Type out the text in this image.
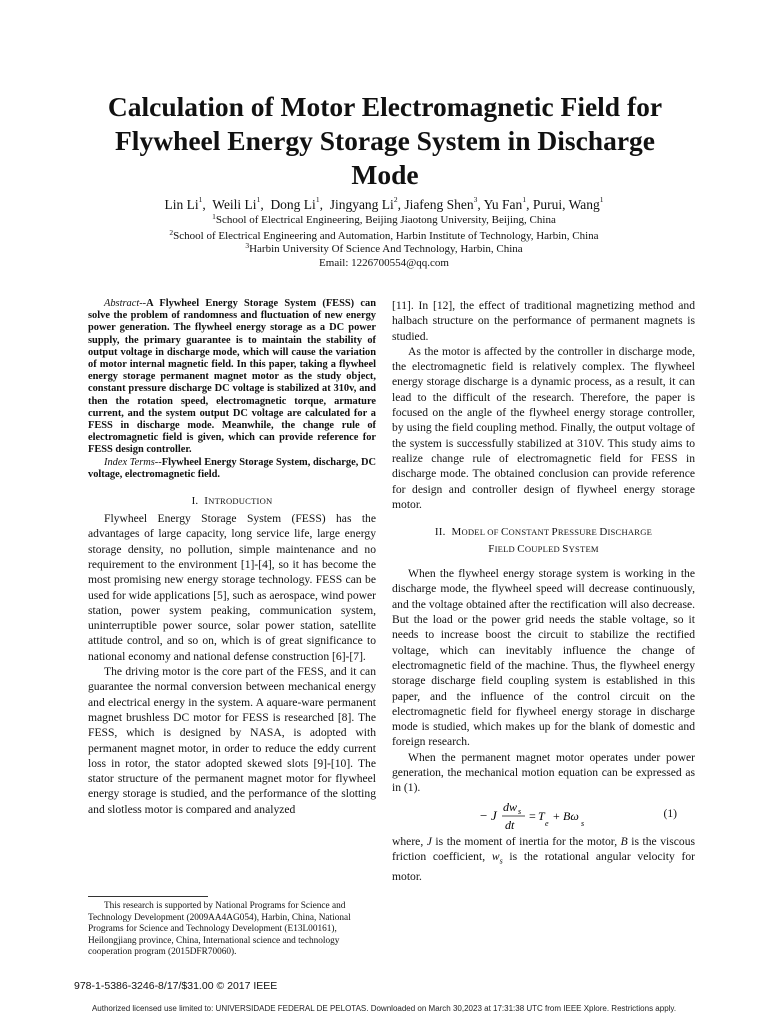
Calculation of Motor Electromagnetic Field for Flywheel Energy Storage System in Discharge Mode
Lin Li$^1$,  Weili Li$^1$,  Dong Li$^1$,  Jingyang Li$^2$, Jiafeng Shen$^3$, Yu Fan$^1$, Purui, Wang$^1$
$^1$School of Electrical Engineering, Beijing Jiaotong University, Beijing, China
$^2$School of Electrical Engineering and Automation, Harbin Institute of Technology, Harbin, China
$^3$Harbin University Of Science And Technology, Harbin, China
Email: 1226700554@qq.com
Abstract--A Flywheel Energy Storage System (FESS) can solve the problem of randomness and fluctuation of new energy power generation. The flywheel energy storage as a DC power supply, the primary guarantee is to maintain the stability of output voltage in discharge mode, which will cause the variation of motor internal magnetic field. In this paper, taking a flywheel energy storage permanent magnet motor as the study object, constant pressure discharge DC voltage is stabilized at 310v, and then the rotation speed, electromagnetic torque, armature current, and the system output DC voltage are calculated for a FESS in discharge mode. Meanwhile, the change rule of electromagnetic field is given, which can provide reference for FESS design controller.
Index Terms--Flywheel Energy Storage System, discharge, DC voltage, electromagnetic field.
I. INTRODUCTION

Flywheel Energy Storage System (FESS) has the advantages of large capacity, long service life, large energy storage density, no pollution, simple maintenance and no requirement to the environment [1]-[4], so it has become the most promising new energy storage technology. FESS can be used for wide applications [5], such as aerospace, wind power station, power system peaking, communication system, uninterruptible power source, solar power station, satellite attitude control, and so on, which is of great significance to national economy and national defense construction [6]-[7].

The driving motor is the core part of the FESS, and it can guarantee the normal conversion between mechanical energy and electrical energy in the system. A aquare-ware permanent magnet brushless DC motor for FESS is researched [8]. The FESS, which is designed by NASA, is adopted with permanent magnet motor, in order to reduce the eddy current loss in rotor, the stator adopted skewed slots [9]-[10]. The stator structure of the permanent magnet motor for flywheel energy storage is studied, and the performance of the slotting and slotless motor is compared and analyzed

This research is supported by National Programs for Science and Technology Development (2009AA4AG054), Harbin, China, National Programs for Science and Technology Development (E13L00161), Heilongjiang province, China, International science and technology cooperation program (2015DFR70060).
978-1-5386-3246-8/17/$31.00 © 2017 IEEE

[11]. In [12], the effect of traditional magnetizing method and halbach structure on the performance of permanent magnets is studied.

As the motor is affected by the controller in discharge mode, the electromagnetic field is relatively complex. The flywheel energy storage discharge is a dynamic process, as a result, it can lead to the difficult of the research. Therefore, the paper is focused on the angle of the flywheel energy storage controller, by using the field coupling method. Finally, the output voltage of the system is successfully stabilized at 310V. This study aims to realize change rule of electromagnetic field for FESS in discharge mode. The obtained conclusion can provide reference for design and controller design of flywheel energy storage motor.

II. MODEL OF CONSTANT PRESSURE DISCHARGE
FIELD COUPLED SYSTEM

When the flywheel energy storage system is working in the discharge mode, the flywheel speed will decrease continuously, and the voltage obtained after the rectification will also decrease. But the load or the power grid needs the stable voltage, so it needs to increase boost the circuit to stabilize the rectified voltage, which can inevitably influence the change of electromagnetic field of the machine. Thus, the flywheel energy storage discharge field coupling system is established in this paper, and the influence of the control circuit on the electromagnetic field for flywheel energy storage in discharge mode is studied, which makes up for the blank of domestic and foreign research.

When the permanent magnet motor operates under power generation, the mechanical motion equation can be expressed as in (1).

− J
dw s
dt
= T
e
+ Bω
s
(1)

where, J is the moment of inertia for the motor, B is the viscous friction coefficient, $w_s$ is the rotational angular velocity for motor.

Authorized licensed use limited to: UNIVERSIDADE FEDERAL DE PELOTAS. Downloaded on March 30,2023 at 17:31:38 UTC from IEEE Xplore. Restrictions apply.
